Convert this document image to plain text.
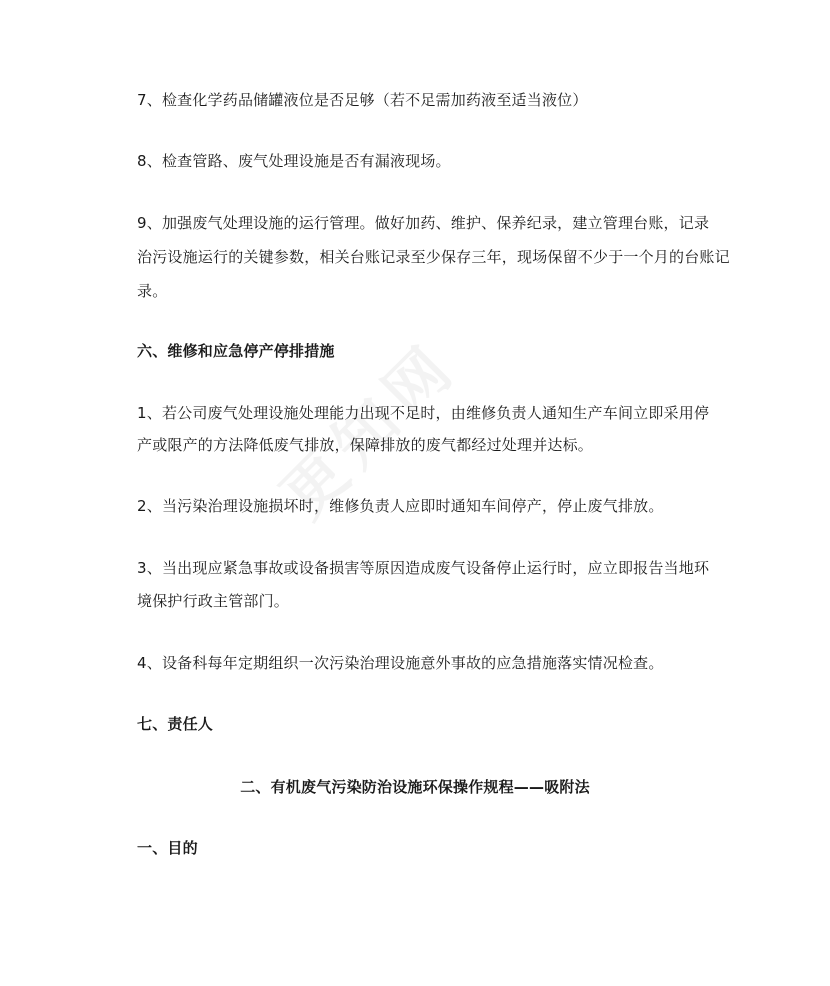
7、检查化学药品储罐液位是否足够（若不足需加药液至适当液位）
8、检查管路、废气处理设施是否有漏液现场。
9、加强废气处理设施的运行管理。做好加药、维护、保养纪录，建立管理台账，记录
治污设施运行的关键参数，相关台账记录至少保存三年，现场保留不少于一个月的台账记
录。
六、维修和应急停产停排措施
1、若公司废气处理设施处理能力出现不足时，由维修负责人通知生产车间立即采用停
产或限产的方法降低废气排放，保障排放的废气都经过处理并达标。
2、当污染治理设施损坏时，维修负责人应即时通知车间停产，停止废气排放。
3、当出现应紧急事故或设备损害等原因造成废气设备停止运行时，应立即报告当地环
境保护行政主管部门。
4、设备科每年定期组织一次污染治理设施意外事故的应急措施落实情况检查。
七、责任人
二、有机废气污染防治设施环保操作规程——吸附法
一、目的
